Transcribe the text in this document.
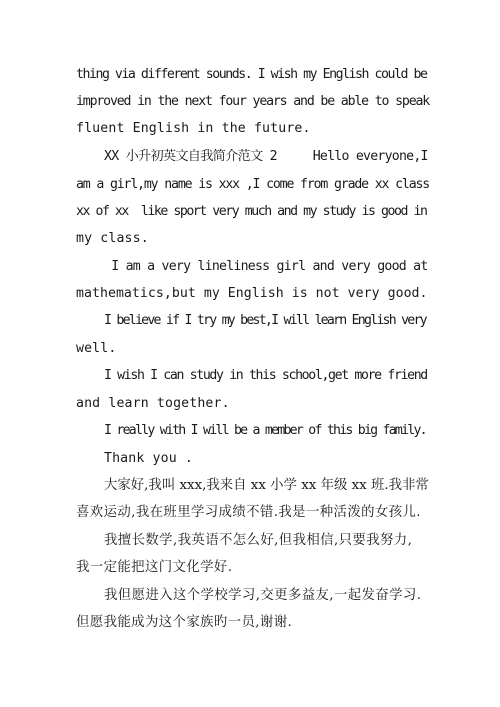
thing via different sounds. I wish my English could be
improved in the next four years and be able to speak
fluent English in the future.
XX 小升初英文自我简介范文 2     Hello everyone,I
am a girl,my name is xxx ,I come from grade xx class
xx of xx  like sport very much and my study is good in
my class.
I am a very lineliness girl and very good at
mathematics,but my English is not very good.
I believe if I try my best,I will learn English very
well.
I wish I can study in this school,get more friend
and learn together.
I really with I will be a member of this big family.
Thank you .
大家好,我叫 xxx,我来自 xx 小学 xx 年级 xx 班.我非常
喜欢运动,我在班里学习成绩不错.我是一种活泼的女孩儿.
我擅长数学,我英语不怎么好,但我相信,只要我努力,
我一定能把这门文化学好.
我但愿进入这个学校学习,交更多益友,一起发奋学习.
但愿我能成为这个家族旳一员,谢谢.
